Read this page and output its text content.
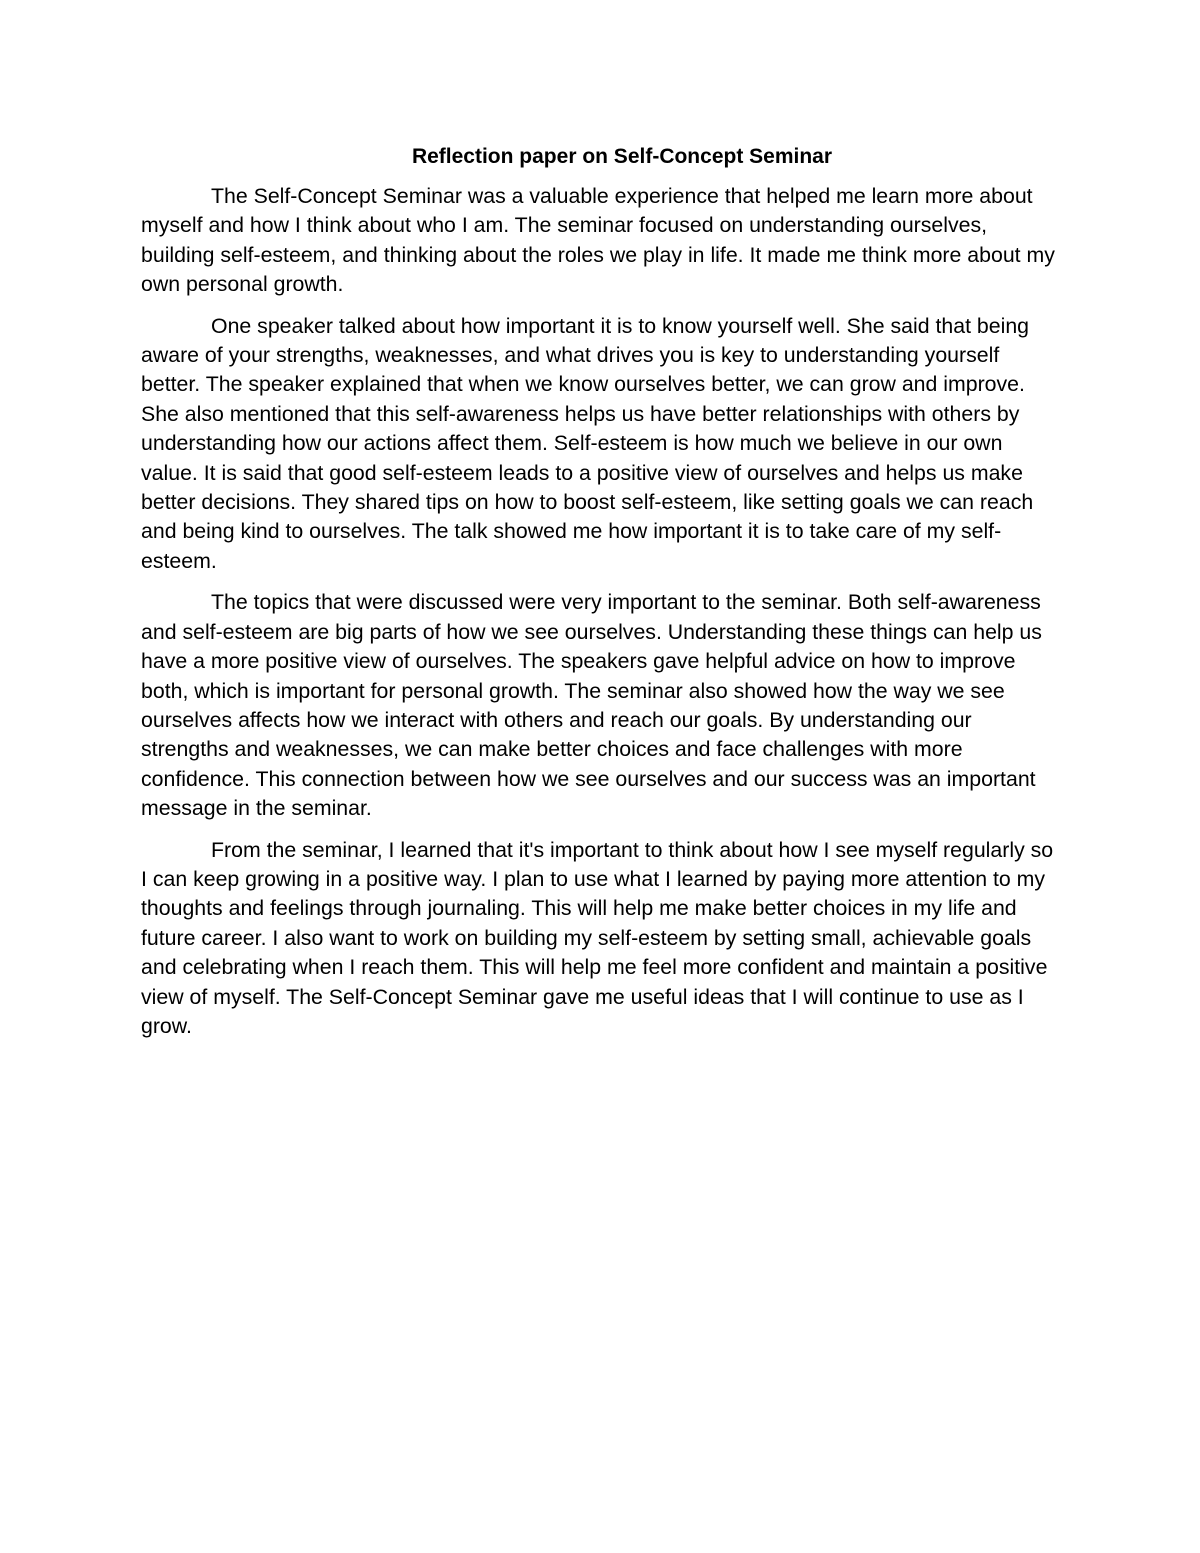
Reflection paper on Self-Concept Seminar

The Self-Concept Seminar was a valuable experience that helped me learn more about myself and how I think about who I am. The seminar focused on understanding ourselves, building self-esteem, and thinking about the roles we play in life. It made me think more about my own personal growth.

One speaker talked about how important it is to know yourself well. She said that being aware of your strengths, weaknesses, and what drives you is key to understanding yourself better. The speaker explained that when we know ourselves better, we can grow and improve. She also mentioned that this self-awareness helps us have better relationships with others by understanding how our actions affect them. Self-esteem is how much we believe in our own value. It is said that good self-esteem leads to a positive view of ourselves and helps us make better decisions. They shared tips on how to boost self-esteem, like setting goals we can reach and being kind to ourselves. The talk showed me how important it is to take care of my self-esteem.

The topics that were discussed were very important to the seminar. Both self-awareness and self-esteem are big parts of how we see ourselves. Understanding these things can help us have a more positive view of ourselves. The speakers gave helpful advice on how to improve both, which is important for personal growth. The seminar also showed how the way we see ourselves affects how we interact with others and reach our goals. By understanding our strengths and weaknesses, we can make better choices and face challenges with more confidence. This connection between how we see ourselves and our success was an important message in the seminar.

From the seminar, I learned that it's important to think about how I see myself regularly so I can keep growing in a positive way. I plan to use what I learned by paying more attention to my thoughts and feelings through journaling. This will help me make better choices in my life and future career. I also want to work on building my self-esteem by setting small, achievable goals and celebrating when I reach them. This will help me feel more confident and maintain a positive view of myself. The Self-Concept Seminar gave me useful ideas that I will continue to use as I grow.
